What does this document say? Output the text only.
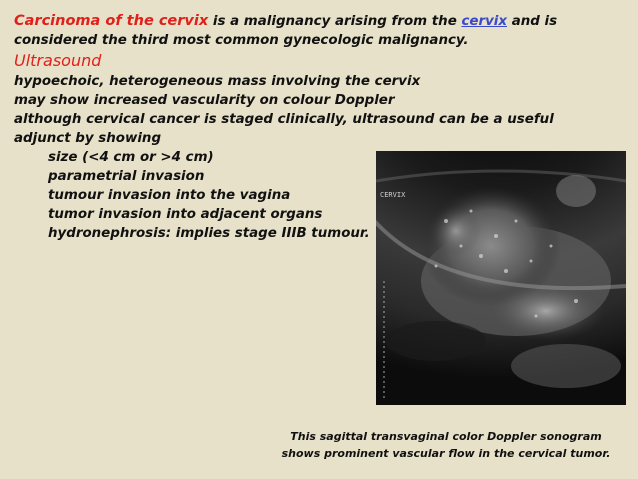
Carcinoma of the cervix is a malignancy arising from the cervix and is
considered the third most common gynecologic malignancy.
Ultrasound
hypoechoic, heterogeneous mass involving the cervix
may show increased vascularity on colour Doppler
although cervical cancer is staged clinically, ultrasound can be a useful
adjunct by showing
size (<4 cm or >4 cm)
parametrial invasion
tumour invasion into the vagina
tumor invasion into adjacent organs
hydronephrosis: implies stage IIIB tumour.
CERVIX
This sagittal transvaginal color Doppler sonogram
shows prominent vascular flow in the cervical tumor.
